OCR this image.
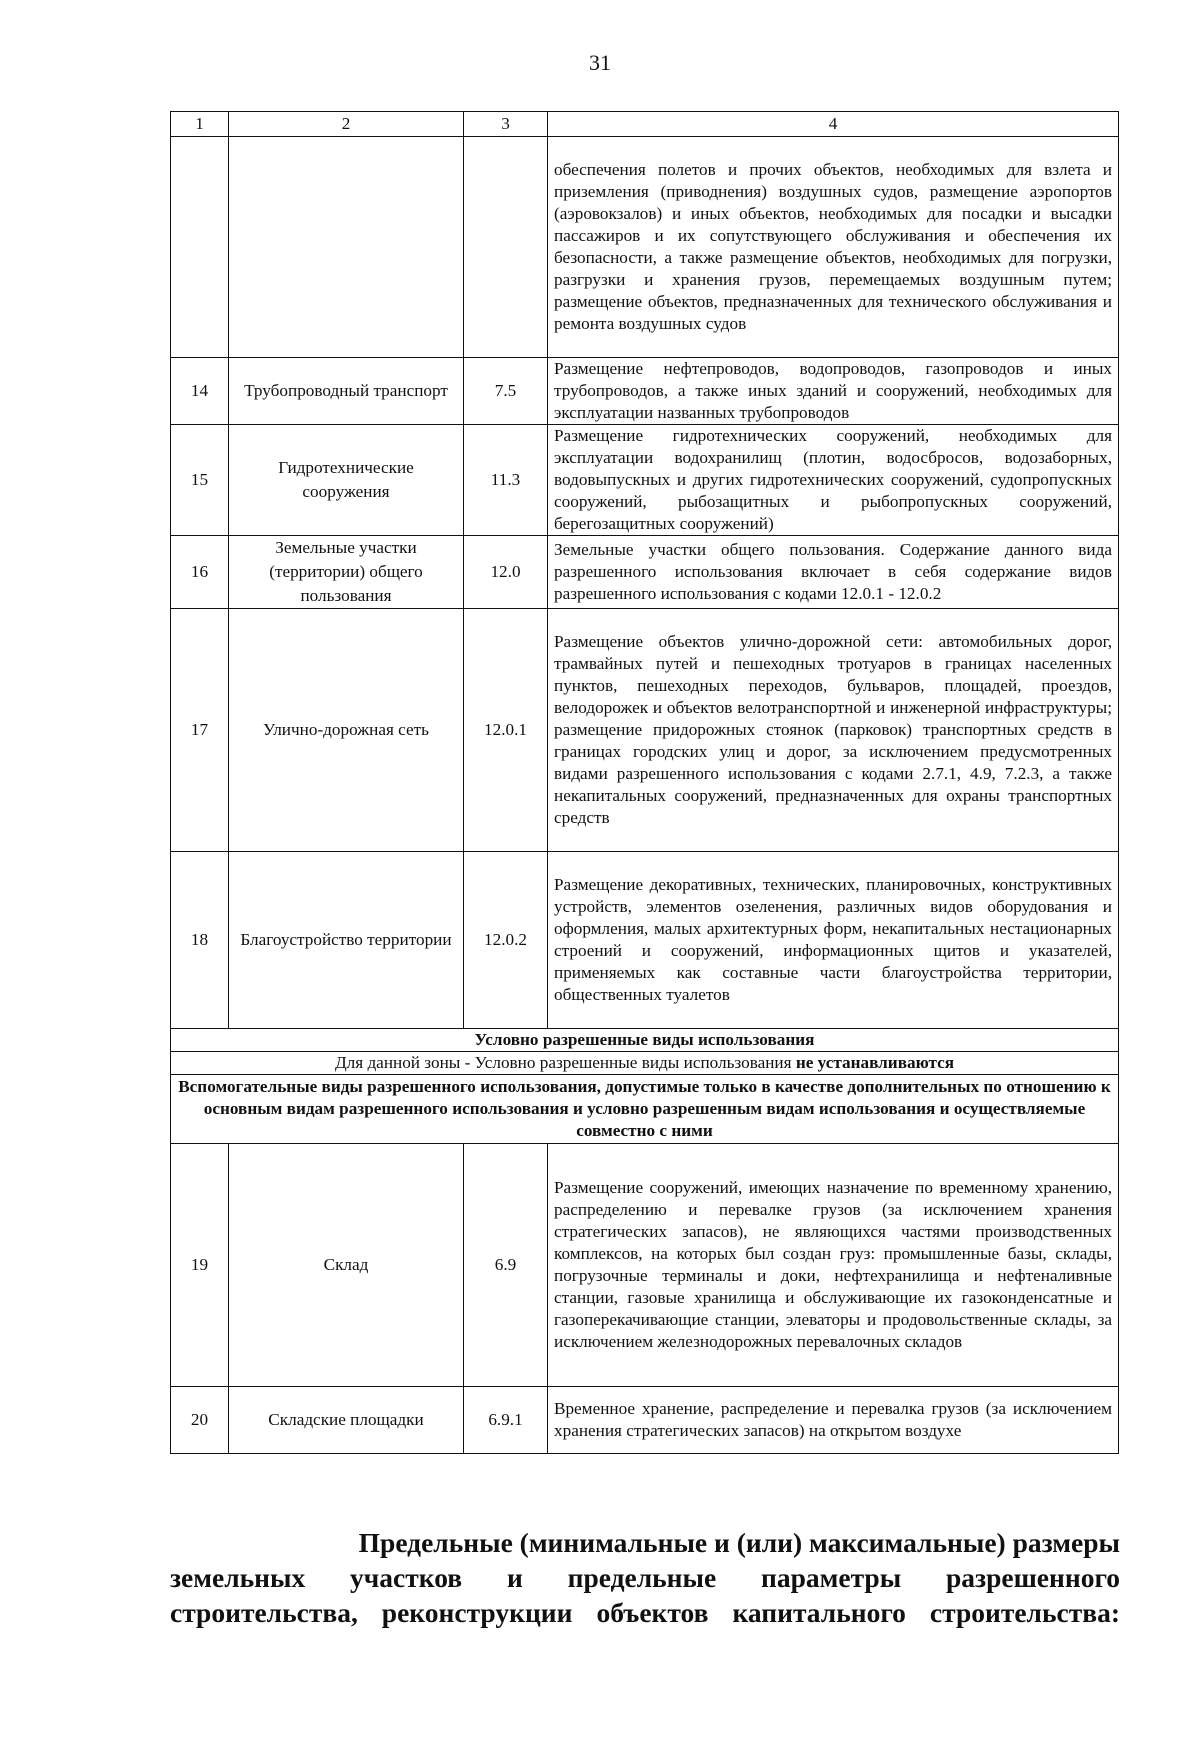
31
1	2	3	4
			обеспечения полетов и прочих объектов, необходимых для взлета и приземления (приводнения) воздушных судов, размещение аэропортов (аэровокзалов) и иных объектов, необходимых для посадки и высадки пассажиров и их сопутствующего обслуживания и обеспечения их безопасности, а также размещение объектов, необходимых для погрузки, разгрузки и хранения грузов, перемещаемых воздушным путем; размещение объектов, предназначенных для технического обслуживания и ремонта воздушных судов
14	Трубопроводный транспорт	7.5	Размещение нефтепроводов, водопроводов, газопроводов и иных трубопроводов, а также иных зданий и сооружений, необходимых для эксплуатации названных трубопроводов
15	Гидротехнические сооружения	11.3	Размещение гидротехнических сооружений, необходимых для эксплуатации водохранилищ (плотин, водосбросов, водозаборных, водовыпускных и других гидротехнических сооружений, судопропускных сооружений, рыбозащитных и рыбопропускных сооружений, берегозащитных сооружений)
16	Земельные участки (территории) общего пользования	12.0	Земельные участки общего пользования. Содержание данного вида разрешенного использования включает в себя содержание видов разрешенного использования с кодами 12.0.1 - 12.0.2
17	Улично-дорожная сеть	12.0.1	Размещение объектов улично-дорожной сети: автомобильных дорог, трамвайных путей и пешеходных тротуаров в границах населенных пунктов, пешеходных переходов, бульваров, площадей, проездов, велодорожек и объектов велотранспортной и инженерной инфраструктуры; размещение придорожных стоянок (парковок) транспортных средств в границах городских улиц и дорог, за исключением предусмотренных видами разрешенного использования с кодами 2.7.1, 4.9, 7.2.3, а также некапитальных сооружений, предназначенных для охраны транспортных средств
18	Благоустройство территории	12.0.2	Размещение декоративных, технических, планировочных, конструктивных устройств, элементов озеленения, различных видов оборудования и оформления, малых архитектурных форм, некапитальных нестационарных строений и сооружений, информационных щитов и указателей, применяемых как составные части благоустройства территории, общественных туалетов
Условно разрешенные виды использования			
Для данной зоны - Условно разрешенные виды использования не устанавливаются			
Вспомогательные виды разрешенного использования, допустимые только в качестве дополнительных по отношению к основным видам разрешенного использования и условно разрешенным видам использования и осуществляемые совместно с ними			
19	Склад	6.9	Размещение сооружений, имеющих назначение по временному хранению, распределению и перевалке грузов (за исключением хранения стратегических запасов), не являющихся частями производственных комплексов, на которых был создан груз: промышленные базы, склады, погрузочные терминалы и доки, нефтехранилища и нефтеналивные станции, газовые хранилища и обслуживающие их газоконденсатные и газоперекачивающие станции, элеваторы и продовольственные склады, за исключением железнодорожных перевалочных складов
20	Складские площадки	6.9.1	Временное хранение, распределение и перевалка грузов (за исключением хранения стратегических запасов) на открытом воздухе
Предельные (минимальные и (или) максимальные) размеры
земельных участков и предельные параметры разрешенного
строительства, реконструкции объектов капитального строительства:
